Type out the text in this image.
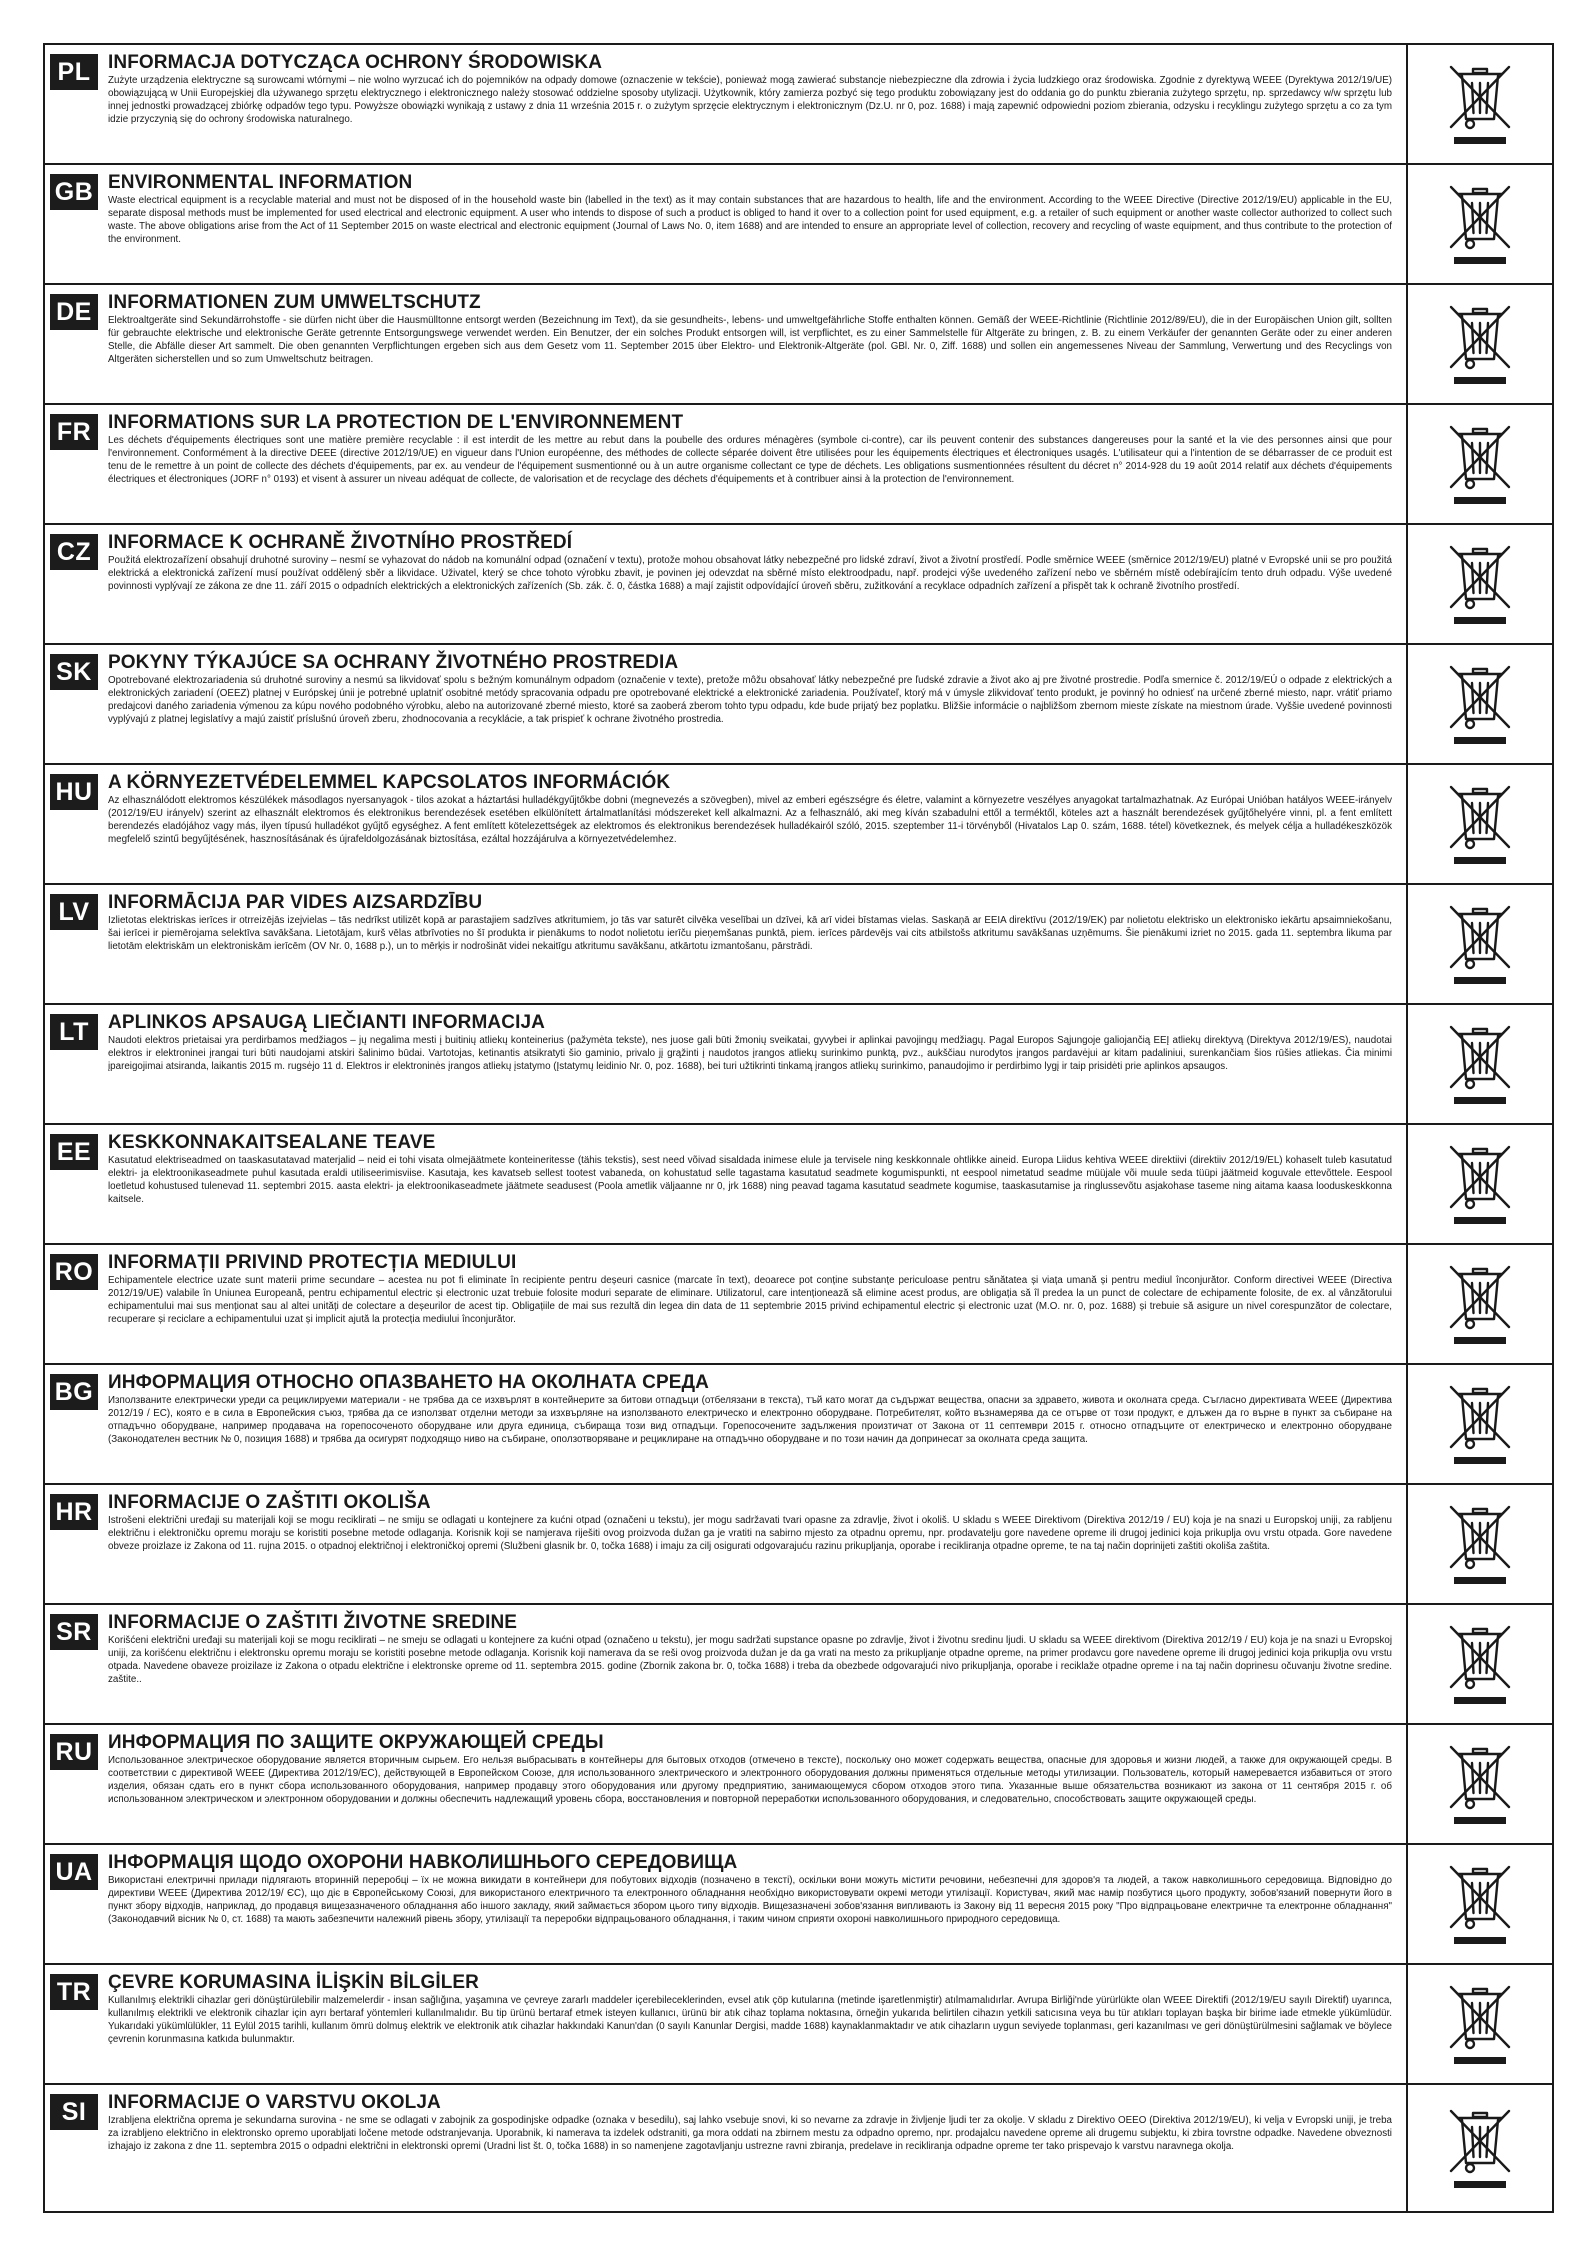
PL INFORMACJA DOTYCZĄCA OCHRONY ŚRODOWISKA

Zużyte urządzenia elektryczne są surowcami wtórnymi – nie wolno wyrzucać ich do pojemników na odpady domowe (oznaczenie w tekście), ponieważ mogą zawierać substancje niebezpieczne dla zdrowia i życia ludzkiego oraz środowiska. Zgodnie z dyrektywą WEEE (Dyrektywa 2012/19/UE) obowiązującą w Unii Europejskiej dla używanego sprzętu elektrycznego i elektronicznego należy stosować oddzielne sposoby utylizacji. Użytkownik, który zamierza pozbyć się tego produktu zobowiązany jest do oddania go do punktu zbierania zużytego sprzętu, np. sprzedawcy w/w sprzętu lub innej jednostki prowadzącej zbiórkę odpadów tego typu. Powyższe obowiązki wynikają z ustawy z dnia 11 września 2015 r. o zużytym sprzęcie elektrycznym i elektronicznym (Dz.U. nr 0, poz. 1688) i mają zapewnić odpowiedni poziom zbierania, odzysku i recyklingu zużytego sprzętu a co za tym idzie przyczynią się do ochrony środowiska naturalnego.

GB ENVIRONMENTAL INFORMATION

Waste electrical equipment is a recyclable material and must not be disposed of in the household waste bin (labelled in the text) as it may contain substances that are hazardous to health, life and the environment. According to the WEEE Directive (Directive 2012/19/EU) applicable in the EU, separate disposal methods must be implemented for used electrical and electronic equipment. A user who intends to dispose of such a product is obliged to hand it over to a collection point for used equipment, e.g. a retailer of such equipment or another waste collector authorized to collect such waste. The above obligations arise from the Act of 11 September 2015 on waste electrical and electronic equipment (Journal of Laws No. 0, item 1688) and are intended to ensure an appropriate level of collection, recovery and recycling of waste equipment, and thus contribute to the protection of the environment.

DE INFORMATIONEN ZUM UMWELTSCHUTZ

Elektroaltgeräte sind Sekundärrohstoffe - sie dürfen nicht über die Hausmülltonne entsorgt werden (Bezeichnung im Text), da sie gesundheits-, lebens- und umweltgefährliche Stoffe enthalten können. Gemäß der WEEE-Richtlinie (Richtlinie 2012/89/EU), die in der Europäischen Union gilt, sollten für gebrauchte elektrische und elektronische Geräte getrennte Entsorgungswege verwendet werden. Ein Benutzer, der ein solches Produkt entsorgen will, ist verpflichtet, es zu einer Sammelstelle für Altgeräte zu bringen, z. B. zu einem Verkäufer der genannten Geräte oder zu einer anderen Stelle, die Abfälle dieser Art sammelt. Die oben genannten Verpflichtungen ergeben sich aus dem Gesetz vom 11. September 2015 über Elektro- und Elektronik-Altgeräte (pol. GBl. Nr. 0, Ziff. 1688) und sollen ein angemessenes Niveau der Sammlung, Verwertung und des Recyclings von Altgeräten sicherstellen und so zum Umweltschutz beitragen.

FR INFORMATIONS SUR LA PROTECTION DE L'ENVIRONNEMENT

Les déchets d'équipements électriques sont une matière première recyclable : il est interdit de les mettre au rebut dans la poubelle des ordures ménagères (symbole ci-contre), car ils peuvent contenir des substances dangereuses pour la santé et la vie des personnes ainsi que pour l'environnement. Conformément à la directive DEEE (directive 2012/19/UE) en vigueur dans l'Union européenne, des méthodes de collecte séparée doivent être utilisées pour les équipements électriques et électroniques usagés. L'utilisateur qui a l'intention de se débarrasser de ce produit est tenu de le remettre à un point de collecte des déchets d'équipements, par ex. au vendeur de l'équipement susmentionné ou à un autre organisme collectant ce type de déchets. Les obligations susmentionnées résultent du décret n° 2014-928 du 19 août 2014 relatif aux déchets d'équipements électriques et électroniques (JORF n° 0193) et visent à assurer un niveau adéquat de collecte, de valorisation et de recyclage des déchets d'équipements et à contribuer ainsi à la protection de l'environnement.

CZ INFORMACE K OCHRANĚ ŽIVOTNÍHO PROSTŘEDÍ

Použitá elektrozařízení obsahují druhotné suroviny – nesmí se vyhazovat do nádob na komunální odpad (označení v textu), protože mohou obsahovat látky nebezpečné pro lidské zdraví, život a životní prostředí. Podle směrnice WEEE (směrnice 2012/19/EU) platné v Evropské unii se pro použitá elektrická a elektronická zařízení musí používat oddělený sběr a likvidace. Uživatel, který se chce tohoto výrobku zbavit, je povinen jej odevzdat na sběrné místo elektroodpadu, např. prodejci výše uvedeného zařízení nebo ve sběrném místě odebírajícím tento druh odpadu. Výše uvedené povinnosti vyplývají ze zákona ze dne 11. září 2015 o odpadních elektrických a elektronických zařízeních (Sb. zák. č. 0, částka 1688) a mají zajistit odpovídající úroveň sběru, zužitkování a recyklace odpadních zařízení a přispět tak k ochraně životního prostředí.

SK POKYNY TÝKAJÚCE SA OCHRANY ŽIVOTNÉHO PROSTREDIA

Opotrebované elektrozariadenia sú druhotné suroviny a nesmú sa likvidovať spolu s bežným komunálnym odpadom (označenie v texte), pretože môžu obsahovať látky nebezpečné pre ľudské zdravie a život ako aj pre životné prostredie. Podľa smernice č. 2012/19/EÚ o odpade z elektrických a elektronických zariadení (OEEZ) platnej v Európskej únii je potrebné uplatniť osobitné metódy spracovania odpadu pre opotrebované elektrické a elektronické zariadenia. Používateľ, ktorý má v úmysle zlikvidovať tento produkt, je povinný ho odniesť na určené zberné miesto, napr. vrátiť priamo predajcovi daného zariadenia výmenou za kúpu nového podobného výrobku, alebo na autorizované zberné miesto, ktoré sa zaoberá zberom tohto typu odpadu, kde bude prijatý bez poplatku. Bližšie informácie o najbližšom zbernom mieste získate na miestnom úrade. Vyššie uvedené povinnosti vyplývajú z platnej legislatívy a majú zaistiť príslušnú úroveň zberu, zhodnocovania a recyklácie, a tak prispieť k ochrane životného prostredia.

HU A KÖRNYEZETVÉDELEMMEL KAPCSOLATOS INFORMÁCIÓK

Az elhasználódott elektromos készülékek másodlagos nyersanyagok - tilos azokat a háztartási hulladékgyűjtőkbe dobni (megnevezés a szövegben), mivel az emberi egészségre és életre, valamint a környezetre veszélyes anyagokat tartalmazhatnak. Az Európai Unióban hatályos WEEE-irányelv (2012/19/EU irányelv) szerint az elhasznált elektromos és elektronikus berendezések esetében elkülönített ártalmatlanítási módszereket kell alkalmazni. Az a felhasználó, aki meg kíván szabadulni ettől a terméktől, köteles azt a használt berendezések gyűjtőhelyére vinni, pl. a fent említett berendezés eladójához vagy más, ilyen típusú hulladékot gyűjtő egységhez. A fent említett kötelezettségek az elektromos és elektronikus berendezések hulladékairól szóló, 2015. szeptember 11-i törvényből (Hivatalos Lap 0. szám, 1688. tétel) következnek, és melyek célja a hulladékeszközök megfelelő szintű begyűjtésének, hasznosításának és újrafeldolgozásának biztosítása, ezáltal hozzájárulva a környezetvédelemhez.

LV INFORMĀCIJA PAR VIDES AIZSARDZĪBU

Izlietotas elektriskas ierīces ir otrreizējās izejvielas – tās nedrīkst utilizēt kopā ar parastajiem sadzīves atkritumiem, jo tās var saturēt cilvēka veselībai un dzīvei, kā arī videi bīstamas vielas. Saskaņā ar EEIA direktīvu (2012/19/EK) par nolietotu elektrisko un elektronisko iekārtu apsaimniekošanu, šai ierīcei ir piemērojama selektīva savākšana. Lietotājam, kurš vēlas atbrīvoties no šī produkta ir pienākums to nodot nolietotu ierīču pieņemšanas punktā, piem. ierīces pārdevējs vai cits atbilstošs atkritumu savākšanas uzņēmums. Šie pienākumi izriet no 2015. gada 11. septembra likuma par lietotām elektriskām un elektroniskām ierīcēm (OV Nr. 0, 1688 p.), un to mērķis ir nodrošināt videi nekaitīgu atkritumu savākšanu, atkārtotu izmantošanu, pārstrādi.

LT	APLINKOS APSAUGĄ LIEČIANTI INFORMACIJA

Naudoti elektros prietaisai yra perdirbamos medžiagos – jų negalima mesti į buitinių atliekų konteinerius (pažymėta tekste), nes juose gali būti žmonių sveikatai, gyvybei ir aplinkai pavojingų medžiagų. Pagal Europos Sąjungoje galiojančią EEĮ atliekų direktyvą (Direktyva 2012/19/ES), naudotai elektros ir elektroninei įrangai turi būti naudojami atskiri šalinimo būdai. Vartotojas, ketinantis atsikratyti šio gaminio, privalo jį grąžinti į naudotos įrangos atliekų surinkimo punktą, pvz., aukščiau nurodytos įrangos pardavėjui ar kitam padaliniui, surenkančiam šios rūšies atliekas. Čia minimi įpareigojimai atsiranda, laikantis 2015 m. rugsėjo 11 d. Elektros ir elektroninės įrangos atliekų įstatymo (Įstatymų leidinio Nr. 0, poz. 1688), bei turi užtikrinti tinkamą įrangos atliekų surinkimo, panaudojimo ir perdirbimo lygį ir taip prisidėti prie aplinkos apsaugos.

EE KESKKONNAKAITSEALANE TEAVE

Kasutatud elektriseadmed on taaskasutatavad materjalid – neid ei tohi visata olmejäätmete konteineritesse (tähis tekstis), sest need võivad sisaldada inimese elule ja tervisele ning keskkonnale ohtlikke aineid. Europa Liidus kehtiva WEEE direktiivi (direktiiv 2012/19/EL) kohaselt tuleb kasutatud elektri- ja elektroonikaseadmete puhul kasutada eraldi utiliseerimisviise. Kasutaja, kes kavatseb sellest tootest vabaneda, on kohustatud selle tagastama kasutatud seadmete kogumispunkti, nt eespool nimetatud seadme müüjale või muule seda tüüpi jäätmeid koguvale ettevõttele. Eespool loetletud kohustused tulenevad 11. septembri 2015. aasta elektri- ja elektroonikaseadmete jäätmete seadusest (Poola ametlik väljaanne nr 0, jrk 1688) ning peavad tagama kasutatud seadmete kogumise, taaskasutamise ja ringlussevõtu asjakohase taseme ning aitama kaasa looduskeskkonna kaitsele.

RO INFORMAȚII PRIVIND PROTECȚIA MEDIULUI

Echipamentele electrice uzate sunt materii prime secundare – acestea nu pot fi eliminate în recipiente pentru deșeuri casnice (marcate în text), deoarece pot conține substanțe periculoase pentru sănătatea și viața umană și pentru mediul înconjurător. Conform directivei WEEE (Directiva 2012/19/UE) valabile în Uniunea Europeană, pentru echipamentul electric și electronic uzat trebuie folosite moduri separate de eliminare. Utilizatorul, care intenționează să elimine acest produs, are obligația să îl predea la un punct de colectare de echipamente folosite, de ex. al vânzătorului echipamentului mai sus menționat sau al altei unități de colectare a deșeurilor de acest tip. Obligațiile de mai sus rezultă din legea din data de 11 septembrie 2015 privind echipamentul electric și electronic uzat (M.O. nr. 0, poz. 1688) și trebuie să asigure un nivel corespunzător de colectare, recuperare și reciclare a echipamentului uzat și implicit ajută la protecția mediului înconjurător.

BG ИНФОРМАЦИЯ ОТНОСНО ОПАЗВАНЕТО НА ОКОЛНАТА СРЕДА

Използваните електрически уреди са рециклируеми материали - не трябва да се изхвърлят в контейнерите за битови отпадъци (отбелязани в текста), тъй като могат да съдържат вещества, опасни за здравето, живота и околната среда. Съгласно директивата WEEE (Директива 2012/19 / ЕС), която е в сила в Европейския съюз, трябва да се използват отделни методи за изхвърляне на използваното електрическо и електронно оборудване. Потребителят, който възнамерява да се отърве от този продукт, е длъжен да го върне в пункт за събиране на отпадъчно оборудване, например продавача на горепосоченото оборудване или друга единица, събираща този вид отпадъци. Горепосочените задължения произтичат от Закона от 11 септември 2015 г. относно отпадъците от електрическо и електронно оборудване (Законодателен вестник № 0, позиция 1688) и трябва да осигурят подходящо ниво на събиране, оползотворяване и рециклиране на отпадъчно оборудване и по този начин да допринесат за околната среда защита.

HR INFORMACIJE O ZAŠTITI OKOLIŠA

Istrošeni električni uređaji su materijali koji se mogu reciklirati – ne smiju se odlagati u kontejnere za kućni otpad (označeni u tekstu), jer mogu sadržavati tvari opasne za zdravlje, život i okoliš. U skladu s WEEE Direktivom (Direktiva 2012/19 / EU) koja je na snazi u Europskoj uniji, za rabljenu električnu i elektroničku opremu moraju se koristiti posebne metode odlaganja. Korisnik koji se namjerava riješiti ovog proizvoda dužan ga je vratiti na sabirno mjesto za otpadnu opremu, npr. prodavatelju gore navedene opreme ili drugoj jedinici koja prikuplja ovu vrstu otpada. Gore navedene obveze proizlaze iz Zakona od 11. rujna 2015. o otpadnoj električnoj i elektroničkoj opremi (Službeni glasnik br. 0, točka 1688) i imaju za cilj osigurati odgovarajuću razinu prikupljanja, oporabe i recikliranja otpadne opreme, te na taj način doprinijeti zaštiti okoliša zaštita.

SR INFORMACIJE O ZAŠTITI ŽIVOTNE SREDINE

Korišćeni električni uređaji su materijali koji se mogu reciklirati – ne smeju se odlagati u kontejnere za kućni otpad (označeno u tekstu), jer mogu sadržati supstance opasne po zdravlje, život i životnu sredinu ljudi. U skladu sa WEEE direktivom (Direktiva 2012/19 / EU) koja je na snazi u Evropskoj uniji, za korišćenu električnu i elektronsku opremu moraju se koristiti posebne metode odlaganja. Korisnik koji namerava da se reši ovog proizvoda dužan je da ga vrati na mesto za prikupljanje otpadne opreme, na primer prodavcu gore navedene opreme ili drugoj jedinici koja prikuplja ovu vrstu otpada. Navedene obaveze proizilaze iz Zakona o otpadu električne i elektronske opreme od 11. septembra 2015. godine (Zbornik zakona br. 0, točka 1688) i treba da obezbede odgovarajući nivo prikupljanja, oporabe i reciklaže otpadne opreme i na taj način doprinesu očuvanju životne sredine. zaštite..

RU ИНФОРМАЦИЯ ПО ЗАЩИТЕ ОКРУЖАЮЩЕЙ СРЕДЫ

Использованное электрическое оборудование является вторичным сырьем. Его нельзя выбрасывать в контейнеры для бытовых отходов (отмечено в тексте), поскольку оно может содержать вещества, опасные для здоровья и жизни людей, а также для окружающей среды. В соответствии с директивой WEEE (Директива 2012/19/ЕС), действующей в Европейском Союзе, для использованного электрического и электронного оборудования должны применяться отдельные методы утилизации. Пользователь, который намеревается избавиться от этого изделия, обязан сдать его в пункт сбора использованного оборудования, например продавцу этого оборудования или другому предприятию, занимающемуся сбором отходов этого типа. Указанные выше обязательства возникают из закона от 11 сентября 2015 г. об использованном электрическом и электронном оборудовании и должны обеспечить надлежащий уровень сбора, восстановления и повторной переработки использованного оборудования, и следовательно, способствовать защите окружающей среды.

UA ІНФОРМАЦІЯ ЩОДО ОХОРОНИ НАВКОЛИШНЬОГО СЕРЕДОВИЩА

Використані електричні прилади підлягають вторинній переробці – їх не можна викидати в контейнери для побутових відходів (позначено в тексті), оскільки вони можуть містити речовини, небезпечні для здоров'я та людей, а також навколишнього середовища. Відповідно до директиви WEEE (Директива 2012/19/ ЄС), що діє в Європейському Союзі, для використаного електричного та електронного обладнання необхідно використовувати окремі методи утилізації. Користувач, який має намір позбутися цього продукту, зобов'язаний повернути його в пункт збору відходів, наприклад, до продавця вищезазначеного обладнання або іншого закладу, який займається збором цього типу відходів. Вищезазначені зобов'язання випливають із Закону від 11 вересня 2015 року "Про відпрацьоване електричне та електронне обладнання" (Законодавчий вісник № 0, ст. 1688) та мають забезпечити належний рівень збору, утилізації та переробки відпрацьованого обладнання, і таким чином сприяти охороні навколишнього природного середовища.

TR ÇEVRE KORUMASINA İLİŞKİN BİLGİLER

Kullanılmış elektrikli cihazlar geri dönüştürülebilir malzemelerdir - insan sağlığına, yaşamına ve çevreye zararlı maddeler içerebileceklerinden, evsel atık çöp kutularına (metinde işaretlenmiştir) atılmamalıdırlar. Avrupa Birliği'nde yürürlükte olan WEEE Direktifi (2012/19/EU sayılı Direktif) uyarınca, kullanılmış elektrikli ve elektronik cihazlar için ayrı bertaraf yöntemleri kullanılmalıdır. Bu tip ürünü bertaraf etmek isteyen kullanıcı, ürünü bir atık cihaz toplama noktasına, örneğin yukarıda belirtilen cihazın yetkili satıcısına veya bu tür atıkları toplayan başka bir birime iade etmekle yükümlüdür. Yukarıdaki yükümlülükler, 11 Eylül 2015 tarihli, kullanım ömrü dolmuş elektrik ve elektronik atık cihazlar hakkındaki Kanun'dan (0 sayılı Kanunlar Dergisi, madde 1688) kaynaklanmaktadır ve atık cihazların uygun seviyede toplanması, geri kazanılması ve geri dönüştürülmesini sağlamak ve böylece çevrenin korunmasına katkıda bulunmaktır.

SI	INFORMACIJE O VARSTVU OKOLJA

Izrabljena električna oprema je sekundarna surovina - ne sme se odlagati v zabojnik za gospodinjske odpadke (oznaka v besedilu), saj lahko vsebuje snovi, ki so nevarne za zdravje in življenje ljudi ter za okolje. V skladu z Direktivo OEEO (Direktiva 2012/19/EU), ki velja v Evropski uniji, je treba za izrabljeno električno in elektronsko opremo uporabljati ločene metode odstranjevanja. Uporabnik, ki namerava ta izdelek odstraniti, ga mora oddati na zbirnem mestu za odpadno opremo, npr. prodajalcu navedene opreme ali drugemu subjektu, ki zbira tovrstne odpadke. Navedene obveznosti izhajajo iz zakona z dne 11. septembra 2015 o odpadni električni in elektronski opremi (Uradni list št. 0, točka 1688) in so namenjene zagotavljanju ustrezne ravni zbiranja, predelave in recikliranja odpadne opreme ter tako prispevajo k varstvu naravnega okolja.
